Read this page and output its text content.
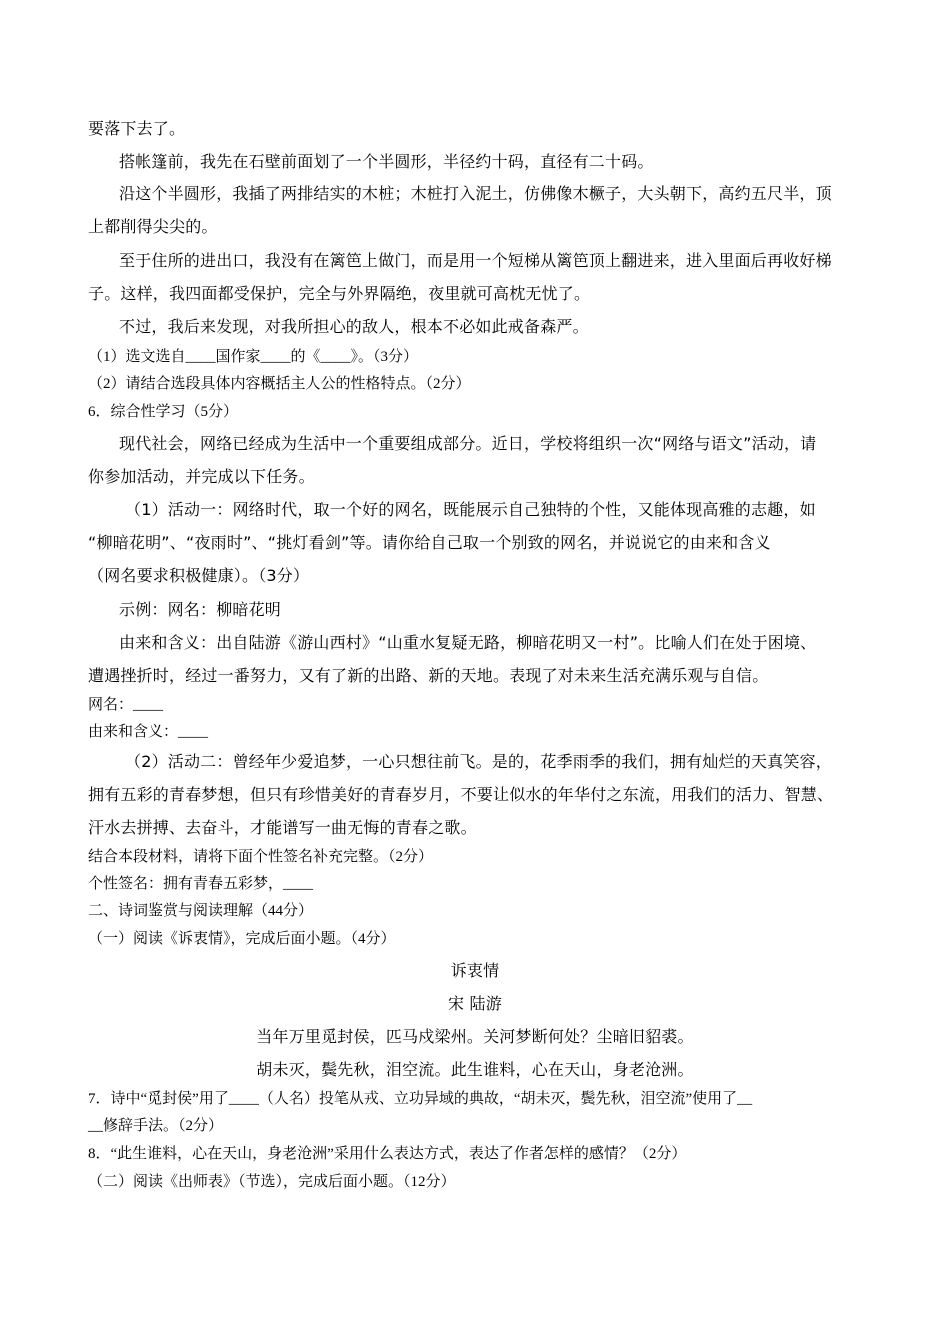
要落下去了。
搭帐篷前，我先在石壁前面划了一个半圆形，半径约十码，直径有二十码。
沿这个半圆形，我插了两排结实的木桩；木桩打入泥土，仿佛像木橛子，大头朝下，高约五尺半，顶
上都削得尖尖的。
至于住所的进出口，我没有在篱笆上做门，而是用一个短梯从篱笆顶上翻进来，进入里面后再收好梯
子。这样，我四面都受保护，完全与外界隔绝，夜里就可高枕无忧了。
不过，我后来发现，对我所担心的敌人，根本不必如此戒备森严。
（1）选文选自____国作家____的《____》。（3分）
（2）请结合选段具体内容概括主人公的性格特点。（2分）
6．综合性学习（5分）
现代社会，网络已经成为生活中一个重要组成部分。近日，学校将组织一次“网络与语文”活动，请
你参加活动，并完成以下任务。
（1）活动一：网络时代，取一个好的网名，既能展示自己独特的个性，又能体现高雅的志趣，如
“柳暗花明”、“夜雨时”、“挑灯看剑”等。请你给自己取一个别致的网名，并说说它的由来和含义
（网名要求积极健康）。（3分）
示例：网名：柳暗花明
由来和含义：出自陆游《游山西村》“山重水复疑无路，柳暗花明又一村”。比喻人们在处于困境、
遭遇挫折时，经过一番努力，又有了新的出路、新的天地。表现了对未来生活充满乐观与自信。
网名：____
由来和含义：____
（2）活动二：曾经年少爱追梦，一心只想往前飞。是的，花季雨季的我们，拥有灿烂的天真笑容，
拥有五彩的青春梦想，但只有珍惜美好的青春岁月，不要让似水的年华付之东流，用我们的活力、智慧、
汗水去拼搏、去奋斗，才能谱写一曲无悔的青春之歌。
结合本段材料，请将下面个性签名补充完整。（2分）
个性签名：拥有青春五彩梦，____
二、诗词鉴赏与阅读理解（44分）
（一）阅读《诉衷情》，完成后面小题。（4分）
诉衷情
宋 陆游
当年万里觅封侯，匹马戍梁州。关河梦断何处？尘暗旧貂裘。
胡未灭，鬓先秋，泪空流。此生谁料，心在天山，身老沧洲。
7．诗中“觅封侯”用了____（人名）投笔从戎、立功异域的典故，“胡未灭，鬓先秋，泪空流”使用了__
__修辞手法。（2分）
8．“此生谁料，心在天山，身老沧洲”采用什么表达方式，表达了作者怎样的感情？（2分）
（二）阅读《出师表》（节选），完成后面小题。（12分）
